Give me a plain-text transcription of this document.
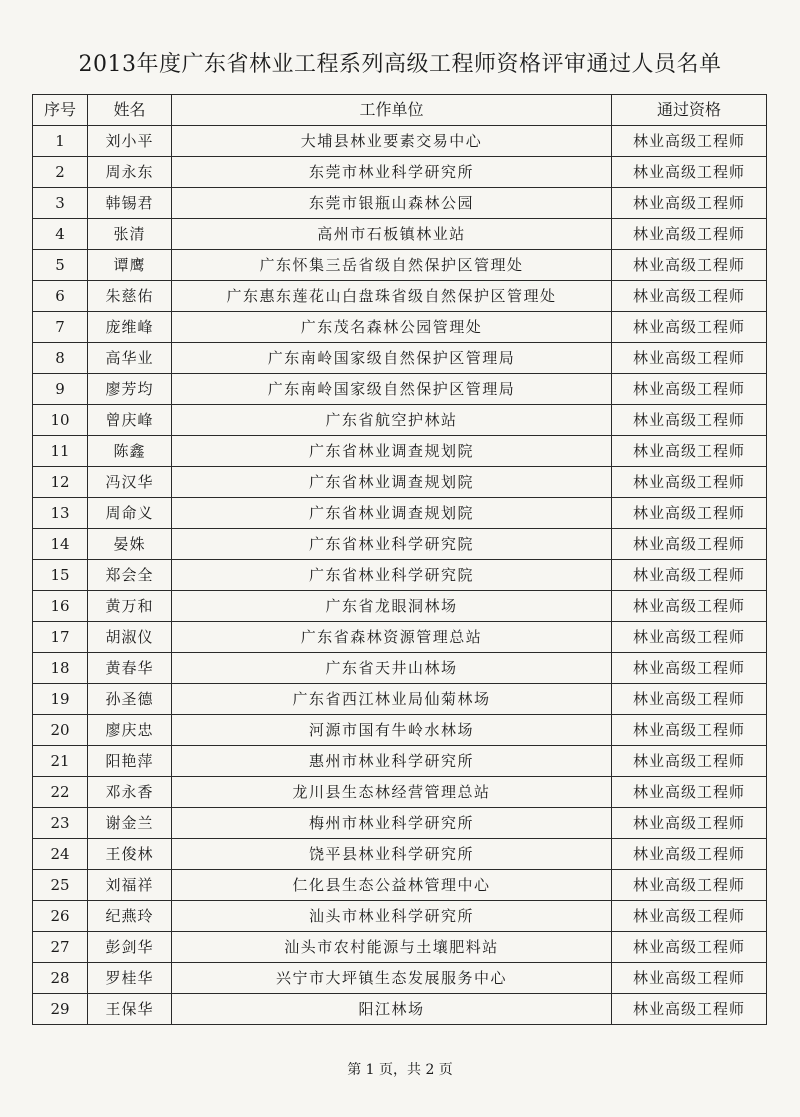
2013年度广东省林业工程系列高级工程师资格评审通过人员名单
序号	姓名	工作单位	通过资格
1	刘小平	大埔县林业要素交易中心	林业高级工程师
2	周永东	东莞市林业科学研究所	林业高级工程师
3	韩锡君	东莞市银瓶山森林公园	林业高级工程师
4	张清	高州市石板镇林业站	林业高级工程师
5	谭鹰	广东怀集三岳省级自然保护区管理处	林业高级工程师
6	朱慈佑	广东惠东莲花山白盘珠省级自然保护区管理处	林业高级工程师
7	庞维峰	广东茂名森林公园管理处	林业高级工程师
8	高华业	广东南岭国家级自然保护区管理局	林业高级工程师
9	廖芳均	广东南岭国家级自然保护区管理局	林业高级工程师
10	曾庆峰	广东省航空护林站	林业高级工程师
11	陈鑫	广东省林业调查规划院	林业高级工程师
12	冯汉华	广东省林业调查规划院	林业高级工程师
13	周命义	广东省林业调查规划院	林业高级工程师
14	晏姝	广东省林业科学研究院	林业高级工程师
15	郑会全	广东省林业科学研究院	林业高级工程师
16	黄万和	广东省龙眼洞林场	林业高级工程师
17	胡淑仪	广东省森林资源管理总站	林业高级工程师
18	黄春华	广东省天井山林场	林业高级工程师
19	孙圣德	广东省西江林业局仙菊林场	林业高级工程师
20	廖庆忠	河源市国有牛岭水林场	林业高级工程师
21	阳艳萍	惠州市林业科学研究所	林业高级工程师
22	邓永香	龙川县生态林经营管理总站	林业高级工程师
23	谢金兰	梅州市林业科学研究所	林业高级工程师
24	王俊林	饶平县林业科学研究所	林业高级工程师
25	刘福祥	仁化县生态公益林管理中心	林业高级工程师
26	纪燕玲	汕头市林业科学研究所	林业高级工程师
27	彭剑华	汕头市农村能源与土壤肥料站	林业高级工程师
28	罗桂华	兴宁市大坪镇生态发展服务中心	林业高级工程师
29	王保华	阳江林场	林业高级工程师
第 1 页，共 2 页
